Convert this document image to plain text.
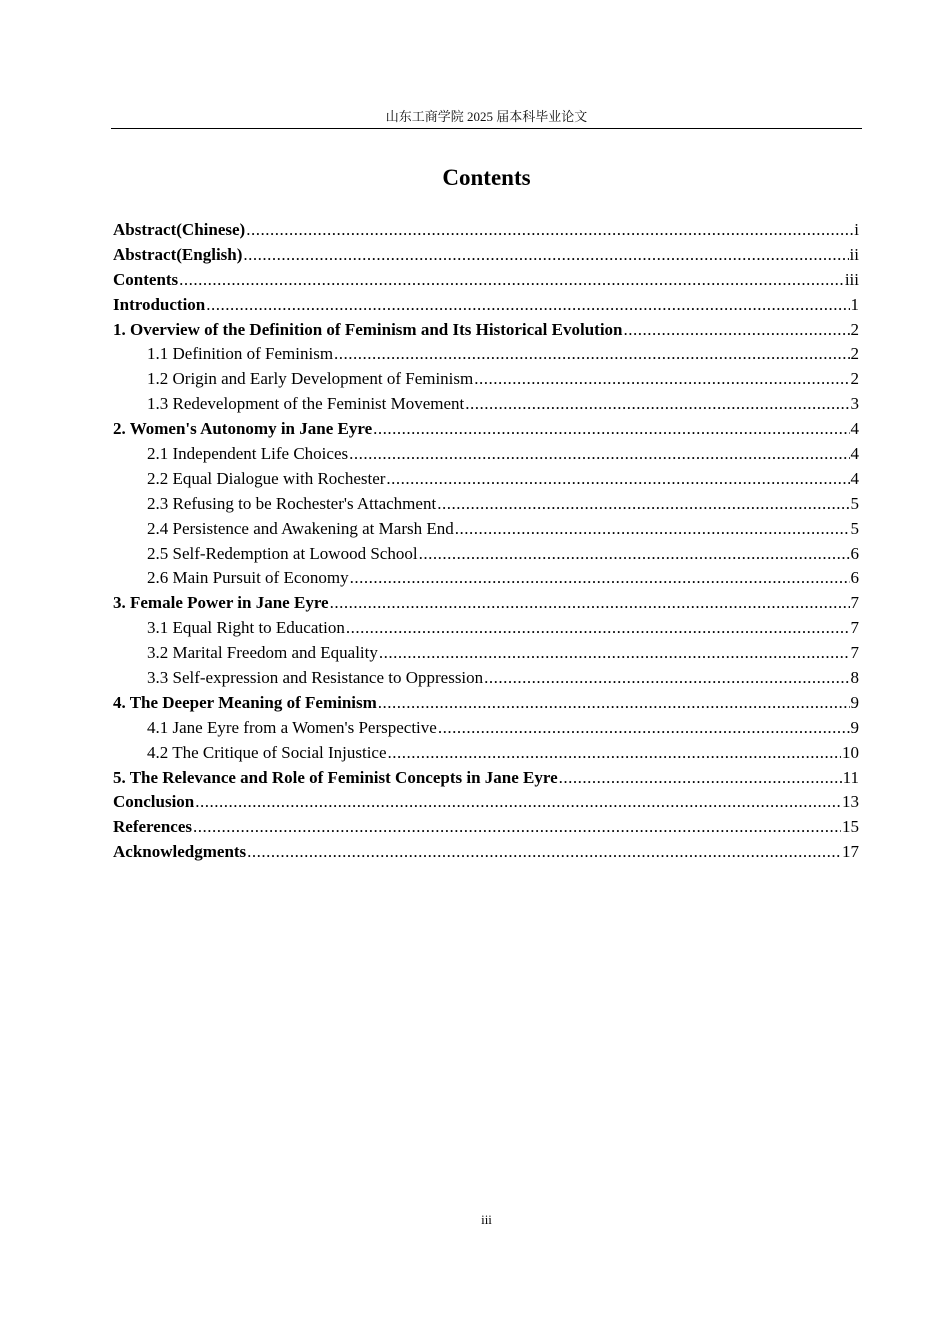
山东工商学院 2025 届本科毕业论文
Contents
Abstract(Chinese) .....	i
Abstract(English) .....	ii
Contents .....	iii
Introduction .....	1
1. Overview of the Definition of Feminism and Its Historical Evolution .....	2
1.1 Definition of Feminism .....	2
1.2 Origin and Early Development of Feminism .....	2
1.3 Redevelopment of the Feminist Movement .....	3
2. Women's Autonomy in Jane Eyre .....	4
2.1 Independent Life Choices .....	4
2.2 Equal Dialogue with Rochester .....	4
2.3 Refusing to be Rochester's Attachment .....	5
2.4 Persistence and Awakening at Marsh End .....	5
2.5 Self-Redemption at Lowood School .....	6
2.6 Main Pursuit of Economy .....	6
3. Female Power in Jane Eyre .....	7
3.1 Equal Right to Education .....	7
3.2 Marital Freedom and Equality .....	7
3.3 Self-expression and Resistance to Oppression .....	8
4. The Deeper Meaning of Feminism .....	9
4.1 Jane Eyre from a Women's Perspective .....	9
4.2 The Critique of Social Injustice .....	10
5. The Relevance and Role of Feminist Concepts in Jane Eyre .....	11
Conclusion .....	13
References .....	15
Acknowledgments .....	17
iii
